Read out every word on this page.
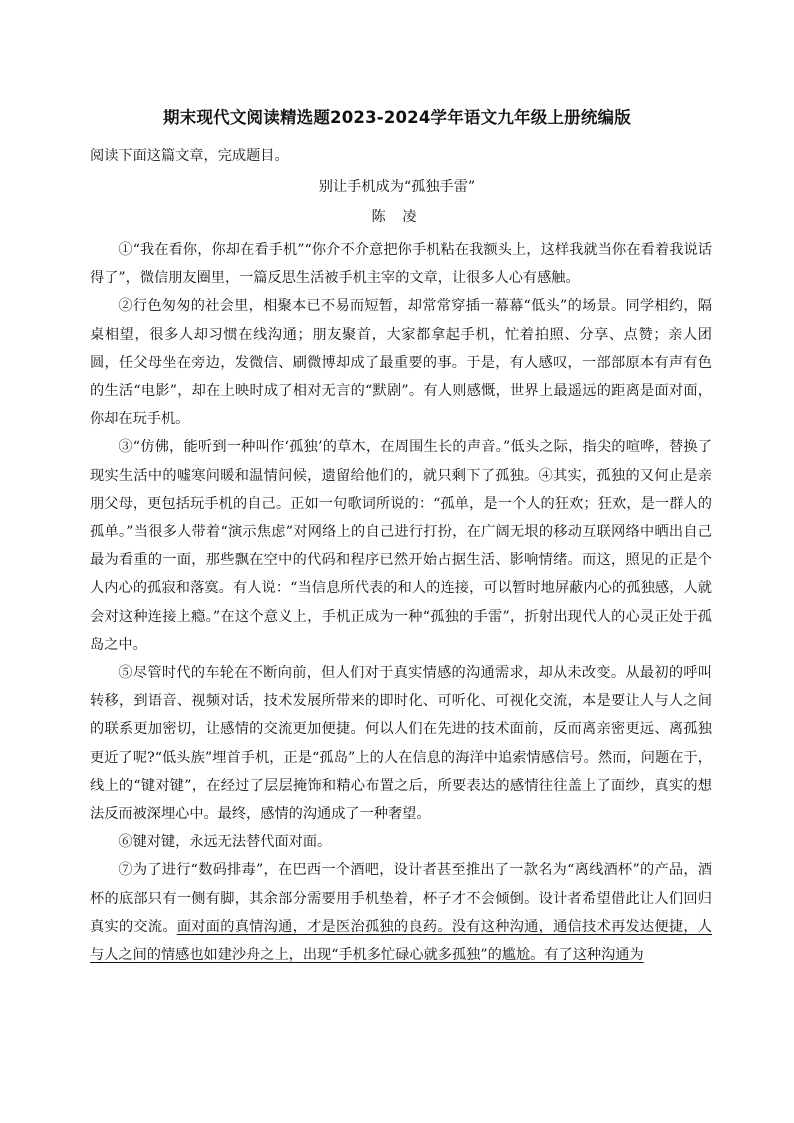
期末现代文阅读精选题2023-2024学年语文九年级上册统编版
阅读下面这篇文章，完成题目。
别让手机成为“孤独手雷”
陈 凌

①“我在看你，你却在看手机”“你介不介意把你手机粘在我额头上，这样我就当你在看着我说话得了”，微信朋友圈里，一篇反思生活被手机主宰的文章，让很多人心有感触。

②行色匆匆的社会里，相聚本已不易而短暂，却常常穿插一幕幕“低头”的场景。同学相约，隔桌相望，很多人却习惯在线沟通；朋友聚首，大家都拿起手机，忙着拍照、分享、点赞；亲人团圆，任父母坐在旁边，发微信、刷微博却成了最重要的事。于是，有人感叹，一部部原本有声有色的生活“电影”，却在上映时成了相对无言的“默剧”。有人则感慨，世界上最遥远的距离是面对面，你却在玩手机。

③“仿佛，能听到一种叫作‘孤独’的草木，在周围生长的声音。”低头之际，指尖的喧哗，替换了现实生活中的嘘寒问暖和温情问候，遗留给他们的，就只剩下了孤独。④其实，孤独的又何止是亲朋父母，更包括玩手机的自己。正如一句歌词所说的：“孤单，是一个人的狂欢；狂欢，是一群人的孤单。”当很多人带着“演示焦虑”对网络上的自己进行打扮，在广阔无垠的移动互联网络中晒出自己最为看重的一面，那些飘在空中的代码和程序已然开始占据生活、影响情绪。而这，照见的正是个人内心的孤寂和落寞。有人说：“当信息所代表的和人的连接，可以暂时地屏蔽内心的孤独感，人就会对这种连接上瘾。”在这个意义上，手机正成为一种“孤独的手雷”，折射出现代人的心灵正处于孤岛之中。

⑤尽管时代的车轮在不断向前，但人们对于真实情感的沟通需求，却从未改变。从最初的呼叫转移，到语音、视频对话，技术发展所带来的即时化、可听化、可视化交流，本是要让人与人之间的联系更加密切，让感情的交流更加便捷。何以人们在先进的技术面前，反而离亲密更远、离孤独更近了呢?“低头族”埋首手机，正是“孤岛”上的人在信息的海洋中追索情感信号。然而，问题在于，线上的“键对键”，在经过了层层掩饰和精心布置之后，所要表达的感情往往盖上了面纱，真实的想法反而被深埋心中。最终，感情的沟通成了一种奢望。

⑥键对键，永远无法替代面对面。

⑦为了进行“数码排毒”，在巴西一个酒吧，设计者甚至推出了一款名为“离线酒杯”的产品，酒杯的底部只有一侧有脚，其余部分需要用手机垫着，杯子才不会倾倒。设计者希望借此让人们回归真实的交流。面对面的真情沟通，才是医治孤独的良药。没有这种沟通，通信技术再发达便捷，人与人之间的情感也如建沙舟之上，出现“手机多忙碌心就多孤独”的尴尬。有了这种沟通为
